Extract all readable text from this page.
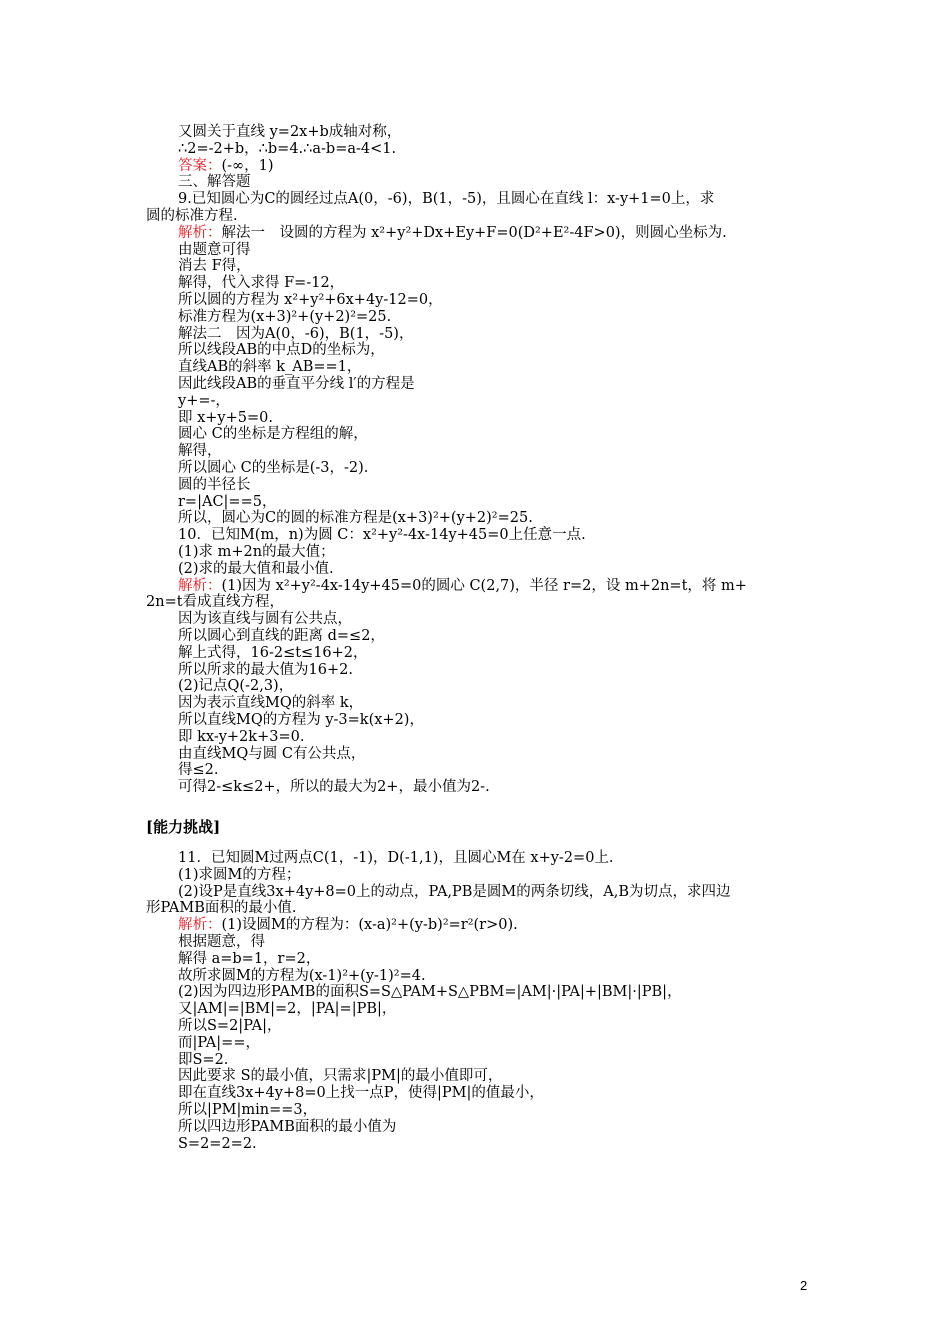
又圆关于直线 y=2x+b成轴对称，
∴2=-2+b，∴b=4.∴a-b=a-4<1.
答案：(-∞，1)
三、解答题
9.已知圆心为C的圆经过点A(0，-6)，B(1，-5)，且圆心在直线 l：x-y+1=0上，求
圆的标准方程.
解析：解法一　设圆的方程为 x²+y²+Dx+Ey+F=0(D²+E²-4F>0)，则圆心坐标为.
由题意可得
消去 F得，
解得，代入求得 F=-12，
所以圆的方程为 x²+y²+6x+4y-12=0，
标准方程为(x+3)²+(y+2)²=25.
解法二　因为A(0，-6)，B(1，-5)，
所以线段AB的中点D的坐标为，
直线AB的斜率 k_AB==1，
因此线段AB的垂直平分线 l′的方程是
y+=-，
即 x+y+5=0.
圆心 C的坐标是方程组的解，
解得，
所以圆心 C的坐标是(-3，-2).
圆的半径长
r=|AC|==5，
所以，圆心为C的圆的标准方程是(x+3)²+(y+2)²=25.
10．已知M(m，n)为圆 C：x²+y²-4x-14y+45=0上任意一点.
(1)求 m+2n的最大值；
(2)求的最大值和最小值.
解析：(1)因为 x²+y²-4x-14y+45=0的圆心 C(2,7)，半径 r=2，设 m+2n=t，将 m+
2n=t看成直线方程，
因为该直线与圆有公共点，
所以圆心到直线的距离 d=≤2，
解上式得，16-2≤t≤16+2，
所以所求的最大值为16+2.
(2)记点Q(-2,3)，
因为表示直线MQ的斜率 k，
所以直线MQ的方程为 y-3=k(x+2)，
即 kx-y+2k+3=0.
由直线MQ与圆 C有公共点，
得≤2.
可得2-≤k≤2+，所以的最大为2+，最小值为2-.
[能力挑战]
11．已知圆M过两点C(1，-1)，D(-1,1)，且圆心M在 x+y-2=0上.
(1)求圆M的方程；
(2)设P是直线3x+4y+8=0上的动点，PA,PB是圆M的两条切线，A,B为切点，求四边
形PAMB面积的最小值.
解析：(1)设圆M的方程为：(x-a)²+(y-b)²=r²(r>0).
根据题意，得
解得 a=b=1，r=2，
故所求圆M的方程为(x-1)²+(y-1)²=4.
(2)因为四边形PAMB的面积S=S△PAM+S△PBM=|AM|·|PA|+|BM|·|PB|，
又|AM|=|BM|=2，|PA|=|PB|，
所以S=2|PA|，
而|PA|==，
即S=2.
因此要求 S的最小值，只需求|PM|的最小值即可，
即在直线3x+4y+8=0上找一点P，使得|PM|的值最小，
所以|PM|min==3，
所以四边形PAMB面积的最小值为
S=2=2=2.
2
